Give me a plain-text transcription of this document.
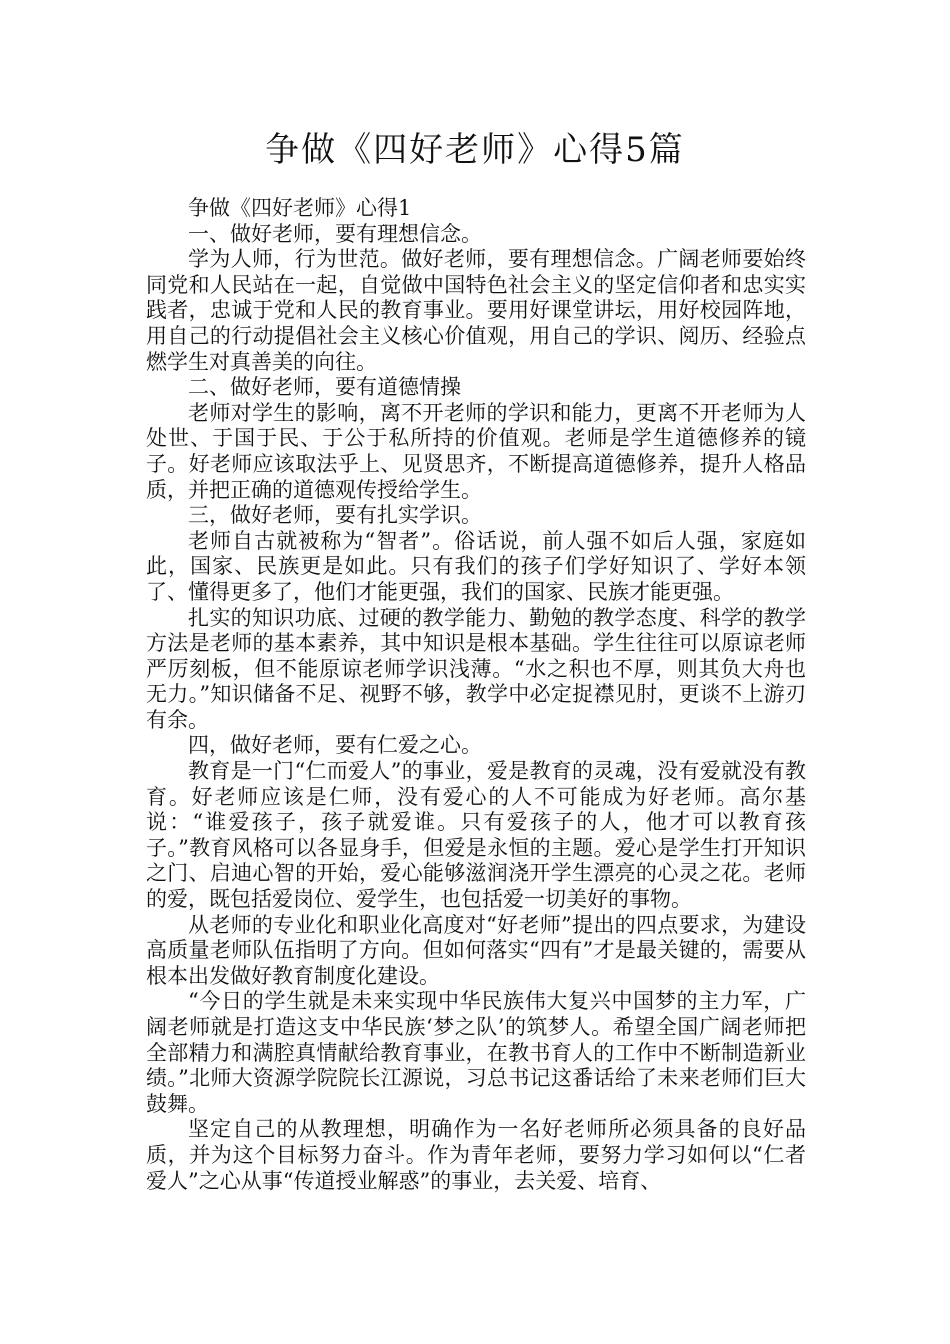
争做《四好老师》心得5篇

争做《四好老师》心得1

一、做好老师，要有理想信念。

学为人师，行为世范。做好老师，要有理想信念。广阔老师要始终同党和人民站在一起，自觉做中国特色社会主义的坚定信仰者和忠实实践者，忠诚于党和人民的教育事业。要用好课堂讲坛，用好校园阵地，用自己的行动提倡社会主义核心价值观，用自己的学识、阅历、经验点燃学生对真善美的向往。

二、做好老师，要有道德情操

老师对学生的影响，离不开老师的学识和能力，更离不开老师为人处世、于国于民、于公于私所持的价值观。老师是学生道德修养的镜子。好老师应该取法乎上、见贤思齐，不断提高道德修养，提升人格品质，并把正确的道德观传授给学生。

三，做好老师，要有扎实学识。

老师自古就被称为“智者”。俗话说，前人强不如后人强，家庭如此，国家、民族更是如此。只有我们的孩子们学好知识了、学好本领了、懂得更多了，他们才能更强，我们的国家、民族才能更强。

扎实的知识功底、过硬的教学能力、勤勉的教学态度、科学的教学方法是老师的基本素养，其中知识是根本基础。学生往往可以原谅老师严厉刻板，但不能原谅老师学识浅薄。“水之积也不厚，则其负大舟也无力。”知识储备不足、视野不够，教学中必定捉襟见肘，更谈不上游刃有余。

四，做好老师，要有仁爱之心。

教育是一门“仁而爱人”的事业，爱是教育的灵魂，没有爱就没有教育。好老师应该是仁师，没有爱心的人不可能成为好老师。高尔基说：“谁爱孩子，孩子就爱谁。只有爱孩子的人，他才可以教育孩子。”教育风格可以各显身手，但爱是永恒的主题。爱心是学生打开知识之门、启迪心智的开始，爱心能够滋润浇开学生漂亮的心灵之花。老师的爱，既包括爱岗位、爱学生，也包括爱一切美好的事物。

从老师的专业化和职业化高度对“好老师”提出的四点要求，为建设高质量老师队伍指明了方向。但如何落实“四有”才是最关键的，需要从根本出发做好教育制度化建设。

“今日的学生就是未来实现中华民族伟大复兴中国梦的主力军，广阔老师就是打造这支中华民族‘梦之队’的筑梦人。希望全国广阔老师把全部精力和满腔真情献给教育事业，在教书育人的工作中不断制造新业绩。”北师大资源学院院长江源说，习总书记这番话给了未来老师们巨大鼓舞。

坚定自己的从教理想，明确作为一名好老师所必须具备的良好品质，并为这个目标努力奋斗。作为青年老师，要努力学习如何以“仁者爱人”之心从事“传道授业解惑”的事业，去关爱、培育、
